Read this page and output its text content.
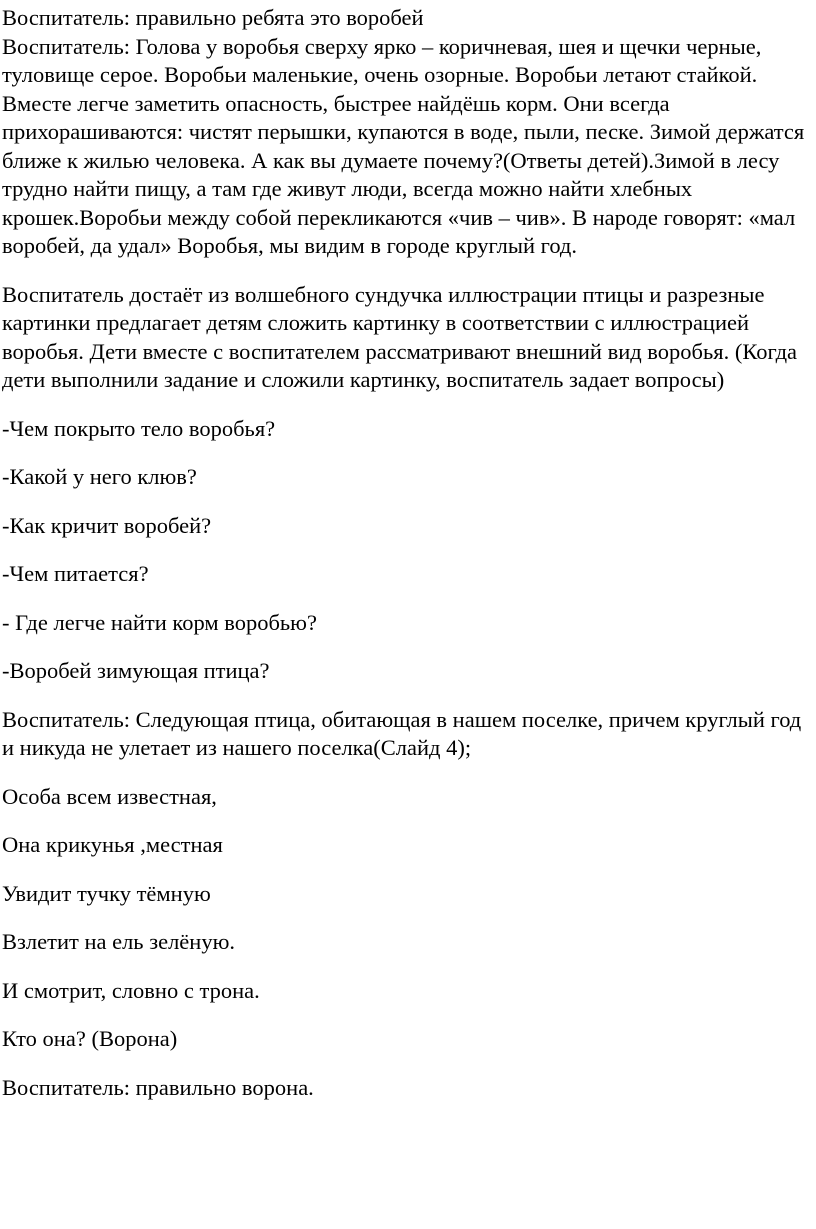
Воспитатель: правильно ребята это воробей

Воспитатель: Голова у воробья сверху ярко – коричневая, шея и щечки черные, туловище серое. Воробьи маленькие, очень озорные. Воробьи летают стайкой. Вместе легче заметить опасность, быстрее найдёшь корм. Они всегда прихорашиваются: чистят перышки, купаются в воде, пыли, песке. Зимой держатся ближе к жилью человека. А как вы думаете почему?(Ответы детей).Зимой в лесу трудно найти пищу, а там где живут люди, всегда можно найти хлебных крошек.Воробьи между собой перекликаются «чив – чив». В народе говорят: «мал воробей, да удал» Воробья, мы видим в городе круглый год.

Воспитатель достаёт из волшебного сундучка иллюстрации птицы и разрезные картинки предлагает детям сложить картинку в соответствии с иллюстрацией воробья. Дети вместе с воспитателем рассматривают внешний вид воробья. (Когда дети выполнили задание и сложили картинку, воспитатель задает вопросы)

-Чем покрыто тело воробья?

-Какой у него клюв?

-Как кричит воробей?

-Чем питается?

- Где легче найти корм воробью?

-Воробей зимующая птица?

Воспитатель: Следующая птица, обитающая в нашем поселке, причем круглый год и никуда не улетает из нашего поселка(Слайд 4);

Особа всем известная,

Она крикунья ,местная

Увидит тучку тёмную

Взлетит на ель зелёную.

И смотрит, словно с трона.

Кто она? (Ворона)

Воспитатель: правильно ворона.
